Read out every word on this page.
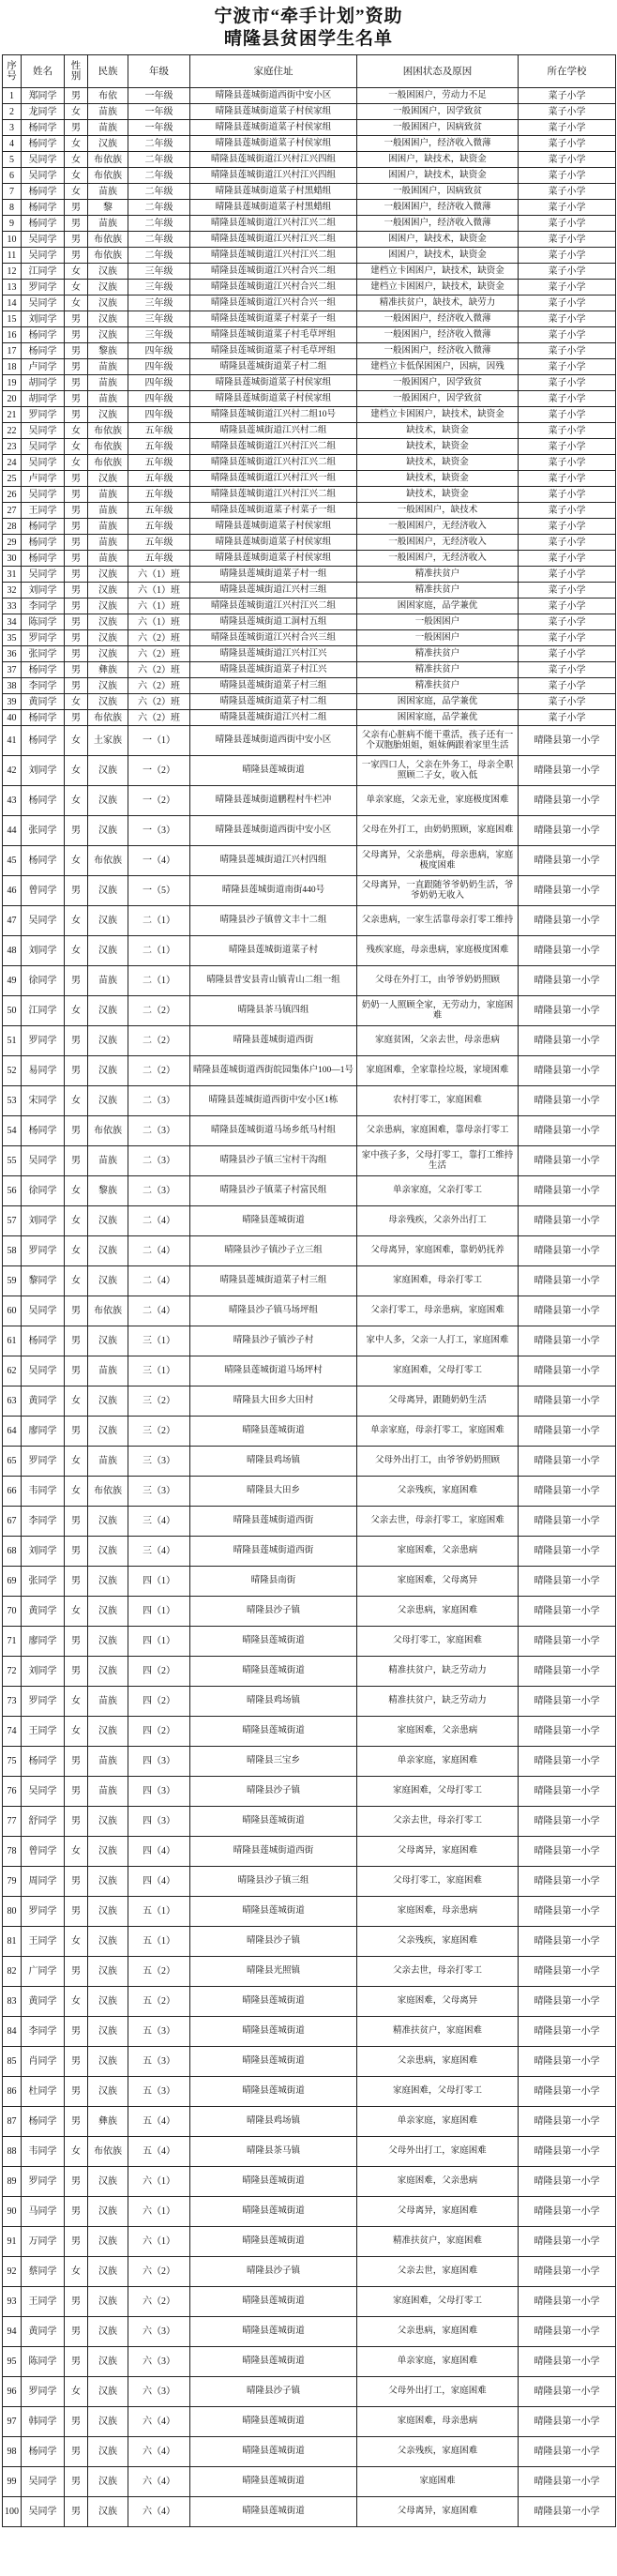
宁波市“牵手计划”资助
晴隆县贫困学生名单
序号	姓名	性别	民族	年级	家庭住址	困困状态及原因	所在学校
1	郑同学	男	布依	一年级	晴隆县莲城街道西街中安小区	一般困困户，劳动力不足	菜子小学
2	龙同学	女	苗族	一年级	晴隆县莲城街道菜子村侯家组	一般困困户，因学致贫	菜子小学
3	杨同学	男	苗族	一年级	晴隆县莲城街道菜子村侯家组	一般困困户，因病致贫	菜子小学
4	杨同学	女	汉族	二年级	晴隆县莲城街道菜子村侯家组	一般困困户，经济收入微薄	菜子小学
5	吴同学	女	布依族	二年级	晴隆县莲城街道江兴村江兴四组	困困户，缺技术，缺资金	菜子小学
6	吴同学	女	布依族	二年级	晴隆县莲城街道江兴村江兴四组	困困户，缺技术，缺资金	菜子小学
7	杨同学	女	苗族	二年级	晴隆县莲城街道菜子村黑蜡组	一般困困户，因病致贫	菜子小学
8	杨同学	男	黎	二年级	晴隆县莲城街道菜子村黑蜡组	一般困困户，经济收入微薄	菜子小学
9	杨同学	男	苗族	二年级	晴隆县莲城街道江兴村江兴二组	一般困困户，经济收入微薄	菜子小学
10	吴同学	男	布依族	二年级	晴隆县莲城街道江兴村江兴二组	困困户，缺技术，缺资金	菜子小学
11	吴同学	男	布依族	二年级	晴隆县莲城街道江兴村江兴二组	困困户，缺技术，缺资金	菜子小学
12	江同学	女	汉族	三年级	晴隆县莲城街道江兴村合兴二组	建档立卡困困户，缺技术，缺资金	菜子小学
13	罗同学	女	汉族	三年级	晴隆县莲城街道江兴村合兴二组	建档立卡困困户，缺技术，缺资金	菜子小学
14	吴同学	女	汉族	三年级	晴隆县莲城街道江兴村合兴一组	精准扶贫户，缺技术，缺劳力	菜子小学
15	刘同学	男	汉族	三年级	晴隆县莲城街道菜子村菜子一组	一般困困户，经济收入微薄	菜子小学
16	杨同学	男	汉族	三年级	晴隆县莲城街道菜子村毛草坪组	一般困困户，经济收入微薄	菜子小学
17	杨同学	男	黎族	四年级	晴隆县莲城街道菜子村毛草坪组	一般困困户，经济收入微薄	菜子小学
18	卢同学	男	苗族	四年级	晴隆县莲城街道菜子村二组	建档立卡低保困困户，因病，因残	菜子小学
19	胡同学	男	苗族	四年级	晴隆县莲城街道菜子村侯家组	一般困困户，因学致贫	菜子小学
20	胡同学	男	苗族	四年级	晴隆县莲城街道菜子村侯家组	一般困困户，因学致贫	菜子小学
21	罗同学	男	汉族	四年级	晴隆县莲城街道江兴村二组10号	建档立卡困困户，缺技术，缺资金	菜子小学
22	吴同学	女	布依族	五年级	晴隆县莲城街道江兴村二组	缺技术，缺资金	菜子小学
23	吴同学	女	布依族	五年级	晴隆县莲城街道江兴村江兴二组	缺技术，缺资金	菜子小学
24	吴同学	女	布依族	五年级	晴隆县莲城街道江兴村江兴二组	缺技术，缺资金	菜子小学
25	卢同学	男	汉族	五年级	晴隆县莲城街道江兴村江兴一组	缺技术，缺资金	菜子小学
26	吴同学	男	苗族	五年级	晴隆县莲城街道江兴村江兴二组	缺技术，缺资金	菜子小学
27	王同学	男	苗族	五年级	晴隆县莲城街道菜子村菜子一组	一般困困户，缺技术	菜子小学
28	杨同学	男	苗族	五年级	晴隆县莲城街道菜子村侯家组	一般困困户，无经济收入	菜子小学
29	杨同学	男	苗族	五年级	晴隆县莲城街道菜子村侯家组	一般困困户，无经济收入	菜子小学
30	杨同学	男	苗族	五年级	晴隆县莲城街道菜子村侯家组	一般困困户，无经济收入	菜子小学
31	吴同学	男	汉族	六（1）班	晴隆县莲城街道菜子村一组	精准扶贫户	菜子小学
32	刘同学	男	汉族	六（1）班	晴隆县莲城街道江兴村三组	精准扶贫户	菜子小学
33	李同学	男	汉族	六（1）班	晴隆县莲城街道江兴村江兴二组	困困家庭，品学兼优	菜子小学
34	陈同学	男	汉族	六（1）班	晴隆县莲城街道工洞村五组	一般困困户	菜子小学
35	罗同学	男	汉族	六（2）班	晴隆县莲城街道江兴村合兴三组	一般困困户	菜子小学
36	张同学	男	汉族	六（2）班	晴隆县莲城街道江兴村江兴	精准扶贫户	菜子小学
37	杨同学	男	彝族	六（2）班	晴隆县莲城街道菜子村江兴	精准扶贫户	菜子小学
38	李同学	男	汉族	六（2）班	晴隆县莲城街道菜子村三组	精准扶贫户	菜子小学
39	黄同学	女	汉族	六（2）班	晴隆县莲城街道菜子村二组	困困家庭，品学兼优	菜子小学
40	杨同学	男	布依族	六（2）班	晴隆县莲城街道江兴村二组	困困家庭，品学兼优	菜子小学
41	杨同学	女	土家族	一（1）	晴隆县莲城街道西街中安小区	父亲有心脏病不能干重活，孩子还有一个双胞胎姐姐，姐妹俩跟着家里生活	晴隆县第一小学
42	刘同学	女	汉族	一（2）	晴隆县莲城街道	一家四口人，父亲在外务工，母亲全职照顾二子女，收入低	晴隆县第一小学
43	杨同学	女	汉族	一（2）	晴隆县莲城街道鹏程村牛栏冲	单亲家庭，父亲无业，家庭极度困难	晴隆县第一小学
44	张同学	男	汉族	一（3）	晴隆县莲城街道西街中安小区	父母在外打工，由奶奶照顾，家庭困难	晴隆县第一小学
45	杨同学	女	布依族	一（4）	晴隆县莲城街道江兴村四组	父母离异，父亲患病，母亲患病，家庭极度困难	晴隆县第一小学
46	曾同学	男	汉族	一（5）	晴隆县莲城街道南街440号	父母离异，一直跟随爷爷奶奶生活，爷爷奶奶无收入	晴隆县第一小学
47	吴同学	女	汉族	二（1）	晴隆县沙子镇曾文丰十二组	父亲患病，一家生活靠母亲打零工维持	晴隆县第一小学
48	刘同学	女	汉族	二（1）	晴隆县莲城街道菜子村	残疾家庭，母亲患病，家庭极度困难	晴隆县第一小学
49	徐同学	男	苗族	二（1）	晴隆县普安县青山镇青山二组一组	父母在外打工，由爷爷奶奶照顾	晴隆县第一小学
50	江同学	女	汉族	二（2）	晴隆县茶马镇四组	奶奶一人照顾全家，无劳动力，家庭困难	晴隆县第一小学
51	罗同学	男	汉族	二（2）	晴隆县莲城街道西街	家庭贫困，父亲去世，母亲患病	晴隆县第一小学
52	易同学	男	汉族	二（2）	晴隆县莲城街道西街皖园集体户100—1号	家庭困难，全家靠捡垃圾，家境困难	晴隆县第一小学
53	宋同学	女	汉族	二（3）	晴隆县莲城街道西街中安小区1栋	农村打零工，家庭困难	晴隆县第一小学
54	杨同学	男	布依族	二（3）	晴隆县莲城街道马场乡纸马村组	父亲患病，家庭困难，靠母亲打零工	晴隆县第一小学
55	吴同学	男	苗族	二（3）	晴隆县沙子镇三宝村干沟组	家中孩子多，父母打零工，靠打工维持生活	晴隆县第一小学
56	徐同学	女	黎族	二（3）	晴隆县沙子镇菜子村富民组	单亲家庭，父亲打零工	晴隆县第一小学
57	刘同学	女	汉族	二（4）	晴隆县莲城街道	母亲残疾，父亲外出打工	晴隆县第一小学
58	罗同学	女	汉族	二（4）	晴隆县沙子镇沙子立三组	父母离异，家庭困难，靠奶奶抚养	晴隆县第一小学
59	黎同学	女	汉族	二（4）	晴隆县莲城街道菜子村三组	家庭困难，母亲打零工	晴隆县第一小学
60	吴同学	男	布依族	二（4）	晴隆县沙子镇马场坪组	父亲打零工，母亲患病，家庭困难	晴隆县第一小学
61	杨同学	男	汉族	三（1）	晴隆县沙子镇沙子村	家中人多，父亲一人打工，家庭困难	晴隆县第一小学
62	吴同学	男	苗族	三（1）	晴隆县莲城街道马场坪村	家庭困难，父母打零工	晴隆县第一小学
63	黄同学	女	汉族	三（2）	晴隆县大田乡大田村	父母离异，跟随奶奶生活	晴隆县第一小学
64	廖同学	男	汉族	三（2）	晴隆县莲城街道	单亲家庭，母亲打零工，家庭困难	晴隆县第一小学
65	罗同学	女	苗族	三（3）	晴隆县鸡场镇	父母外出打工，由爷爷奶奶照顾	晴隆县第一小学
66	韦同学	女	布依族	三（3）	晴隆县大田乡	父亲残疾，家庭困难	晴隆县第一小学
67	李同学	男	汉族	三（4）	晴隆县莲城街道西街	父亲去世，母亲打零工，家庭困难	晴隆县第一小学
68	刘同学	男	汉族	三（4）	晴隆县莲城街道西街	家庭困难，父亲患病	晴隆县第一小学
69	张同学	男	汉族	四（1）	晴隆县南街	家庭困难，父母离异	晴隆县第一小学
70	黄同学	女	汉族	四（1）	晴隆县沙子镇	父亲患病，家庭困难	晴隆县第一小学
71	廖同学	男	汉族	四（1）	晴隆县莲城街道	父母打零工，家庭困难	晴隆县第一小学
72	刘同学	男	汉族	四（2）	晴隆县莲城街道	精准扶贫户，缺乏劳动力	晴隆县第一小学
73	罗同学	女	苗族	四（2）	晴隆县鸡场镇	精准扶贫户，缺乏劳动力	晴隆县第一小学
74	王同学	女	汉族	四（2）	晴隆县莲城街道	家庭困难，父亲患病	晴隆县第一小学
75	杨同学	男	苗族	四（3）	晴隆县三宝乡	单亲家庭，家庭困难	晴隆县第一小学
76	吴同学	男	苗族	四（3）	晴隆县沙子镇	家庭困难，父母打零工	晴隆县第一小学
77	舒同学	男	汉族	四（3）	晴隆县莲城街道	父亲去世，母亲打零工	晴隆县第一小学
78	曾同学	女	汉族	四（4）	晴隆县莲城街道西街	父母离异，家庭困难	晴隆县第一小学
79	周同学	男	汉族	四（4）	晴隆县沙子镇三组	父母打零工，家庭困难	晴隆县第一小学
80	罗同学	男	汉族	五（1）	晴隆县莲城街道	家庭困难，母亲患病	晴隆县第一小学
81	王同学	女	汉族	五（1）	晴隆县沙子镇	父亲残疾，家庭困难	晴隆县第一小学
82	广同学	男	汉族	五（2）	晴隆县光照镇	父亲去世，母亲打零工	晴隆县第一小学
83	黄同学	女	汉族	五（2）	晴隆县莲城街道	家庭困难，父母离异	晴隆县第一小学
84	李同学	男	汉族	五（3）	晴隆县莲城街道	精准扶贫户，家庭困难	晴隆县第一小学
85	肖同学	男	汉族	五（3）	晴隆县莲城街道	父亲患病，家庭困难	晴隆县第一小学
86	杜同学	男	汉族	五（3）	晴隆县莲城街道	家庭困难，父母打零工	晴隆县第一小学
87	杨同学	男	彝族	五（4）	晴隆县鸡场镇	单亲家庭，家庭困难	晴隆县第一小学
88	韦同学	女	布依族	五（4）	晴隆县茶马镇	父母外出打工，家庭困难	晴隆县第一小学
89	罗同学	男	汉族	六（1）	晴隆县莲城街道	家庭困难，父亲患病	晴隆县第一小学
90	马同学	男	汉族	六（1）	晴隆县莲城街道	父母离异，家庭困难	晴隆县第一小学
91	万同学	男	汉族	六（1）	晴隆县莲城街道	精准扶贫户，家庭困难	晴隆县第一小学
92	蔡同学	女	汉族	六（2）	晴隆县沙子镇	父亲去世，家庭困难	晴隆县第一小学
93	王同学	男	汉族	六（2）	晴隆县莲城街道	家庭困难，父母打零工	晴隆县第一小学
94	黄同学	男	汉族	六（3）	晴隆县莲城街道	父亲患病，家庭困难	晴隆县第一小学
95	陈同学	男	汉族	六（3）	晴隆县莲城街道	单亲家庭，家庭困难	晴隆县第一小学
96	罗同学	女	汉族	六（3）	晴隆县沙子镇	父母外出打工，家庭困难	晴隆县第一小学
97	韩同学	男	汉族	六（4）	晴隆县莲城街道	家庭困难，母亲患病	晴隆县第一小学
98	杨同学	男	汉族	六（4）	晴隆县莲城街道	父亲残疾，家庭困难	晴隆县第一小学
99	吴同学	男	汉族	六（4）	晴隆县莲城街道	家庭困难	晴隆县第一小学
100	吴同学	男	汉族	六（4）	晴隆县莲城街道	父母离异，家庭困难	晴隆县第一小学
